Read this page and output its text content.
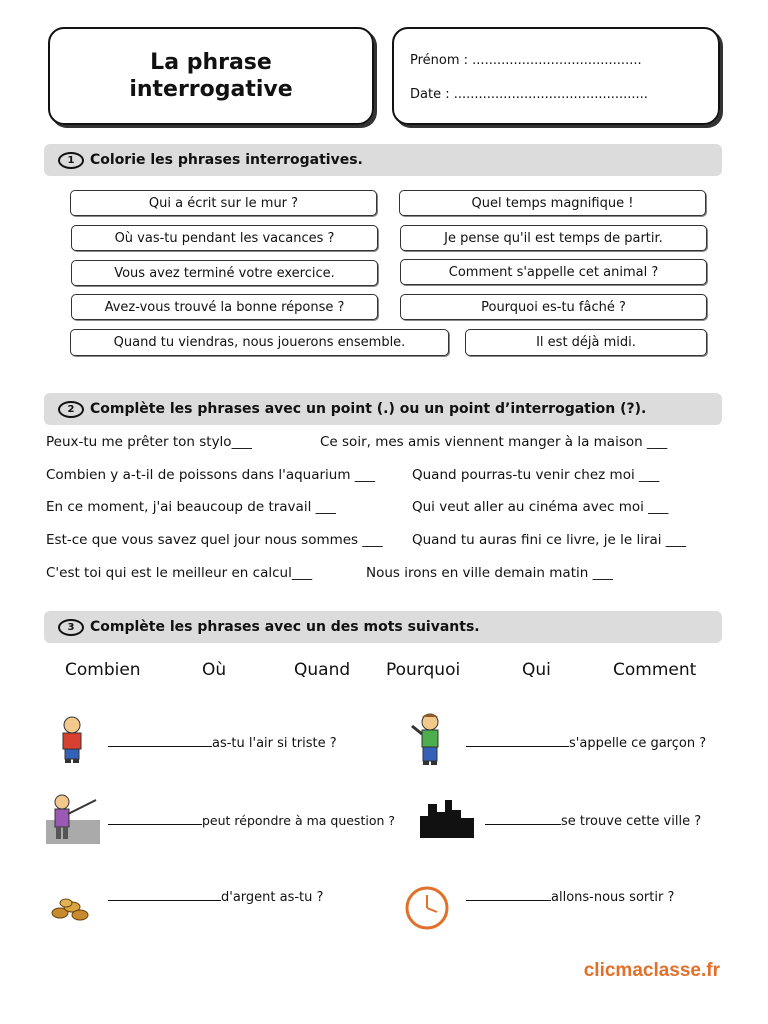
La phrase
interrogative
Prénom : .........................................
Date : ...............................................
1	Colorie les phrases interrogatives.
Qui a écrit sur le mur ?	Quel temps magnifique !
Où vas-tu pendant les vacances ?	Je pense qu'il est temps de partir.
Vous avez terminé votre exercice.	Comment s'appelle cet animal ?
Avez-vous trouvé la bonne réponse ?	Pourquoi es-tu fâché ?
Quand tu viendras, nous jouerons ensemble.	Il est déjà midi.
2	Complète les phrases avec un point (.) ou un point d’interrogation (?).
Peux-tu me prêter ton stylo___	Ce soir, mes amis viennent manger à la maison ___
Combien y a-t-il de poissons dans l'aquarium ___	Quand pourras-tu venir chez moi ___
En ce moment, j'ai beaucoup de travail ___	Qui veut aller au cinéma avec moi ___
Est-ce que vous savez quel jour nous sommes ___ Quand tu auras fini ce livre, je le lirai ___
C'est toi qui est le meilleur en calcul___	Nous irons en ville demain matin ___
3	Complète les phrases avec un des mots suivants.
Combien	Où	Quand Pourquoi	Qui	Comment
as-tu l'air si triste ?	s'appelle ce garçon ?
peut répondre à ma question ?	se trouve cette ville ?
d'argent as-tu ?	allons-nous sortir ?
clicmaclasse.fr
